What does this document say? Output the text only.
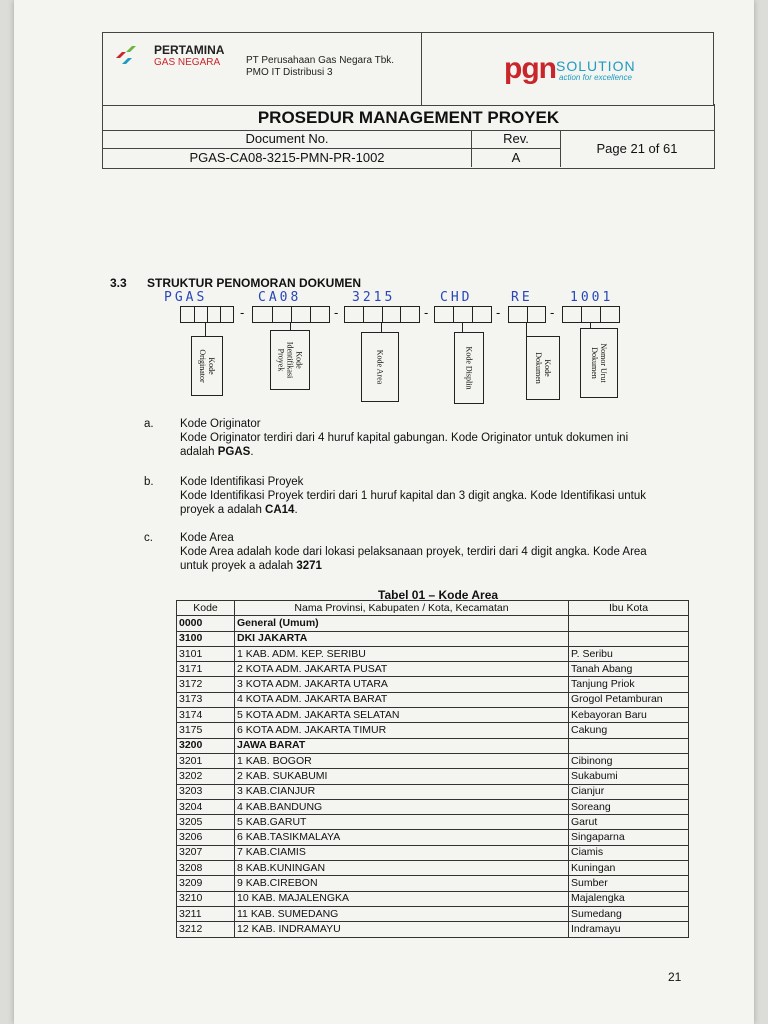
PERTAMINA
GAS NEGARA	PT Perusahaan Gas Negara Tbk.
PMO IT Distribusi 3	pgn SOLUTION
action for excellence
PROSEDUR MANAGEMENT PROYEK
Document No.
PGAS-CA08-3215-PMN-PR-1002
Rev.
A
Page 21 of 61
3.3 STRUKTUR PENOMORAN DOKUMEN
PGAS	CA08	3215	CHD	RE	1001
-	-	-	-	-
Kode
Originator	Kode
Identifikasi
Proyek	Kode Area	Kode Displin	Kode
Dokumen	Nomor Urut
Dokumen
a. Kode Originator
Kode Originator terdiri dari 4 huruf kapital gabungan. Kode Originator untuk dokumen ini
adalah PGAS.
b. Kode Identifikasi Proyek
Kode Identifikasi Proyek terdiri dari 1 huruf kapital dan 3 digit angka. Kode Identifikasi untuk
proyek a adalah CA14.
c. Kode Area
Kode Area adalah kode dari lokasi pelaksanaan proyek, terdiri dari 4 digit angka. Kode Area
untuk proyek a adalah 3271
Tabel 01 – Kode Area
Kode	Nama Provinsi, Kabupaten / Kota, Kecamatan	Ibu Kota
0000	General (Umum)	
3100	DKI JAKARTA	
3101	1 KAB. ADM. KEP. SERIBU	P. Seribu
3171	2 KOTA ADM. JAKARTA PUSAT	Tanah Abang
3172	3 KOTA ADM. JAKARTA UTARA	Tanjung Priok
3173	4 KOTA ADM. JAKARTA BARAT	Grogol Petamburan
3174	5 KOTA ADM. JAKARTA SELATAN	Kebayoran Baru
3175	6 KOTA ADM. JAKARTA TIMUR	Cakung
3200	JAWA BARAT	
3201	1 KAB. BOGOR	Cibinong
3202	2 KAB. SUKABUMI	Sukabumi
3203	3 KAB.CIANJUR	Cianjur
3204	4 KAB.BANDUNG	Soreang
3205	5 KAB.GARUT	Garut
3206	6 KAB.TASIKMALAYA	Singaparna
3207	7 KAB.CIAMIS	Ciamis
3208	8 KAB.KUNINGAN	Kuningan
3209	9 KAB.CIREBON	Sumber
3210	10 KAB. MAJALENGKA	Majalengka
3211	11 KAB. SUMEDANG	Sumedang
3212	12 KAB. INDRAMAYU	Indramayu
21
